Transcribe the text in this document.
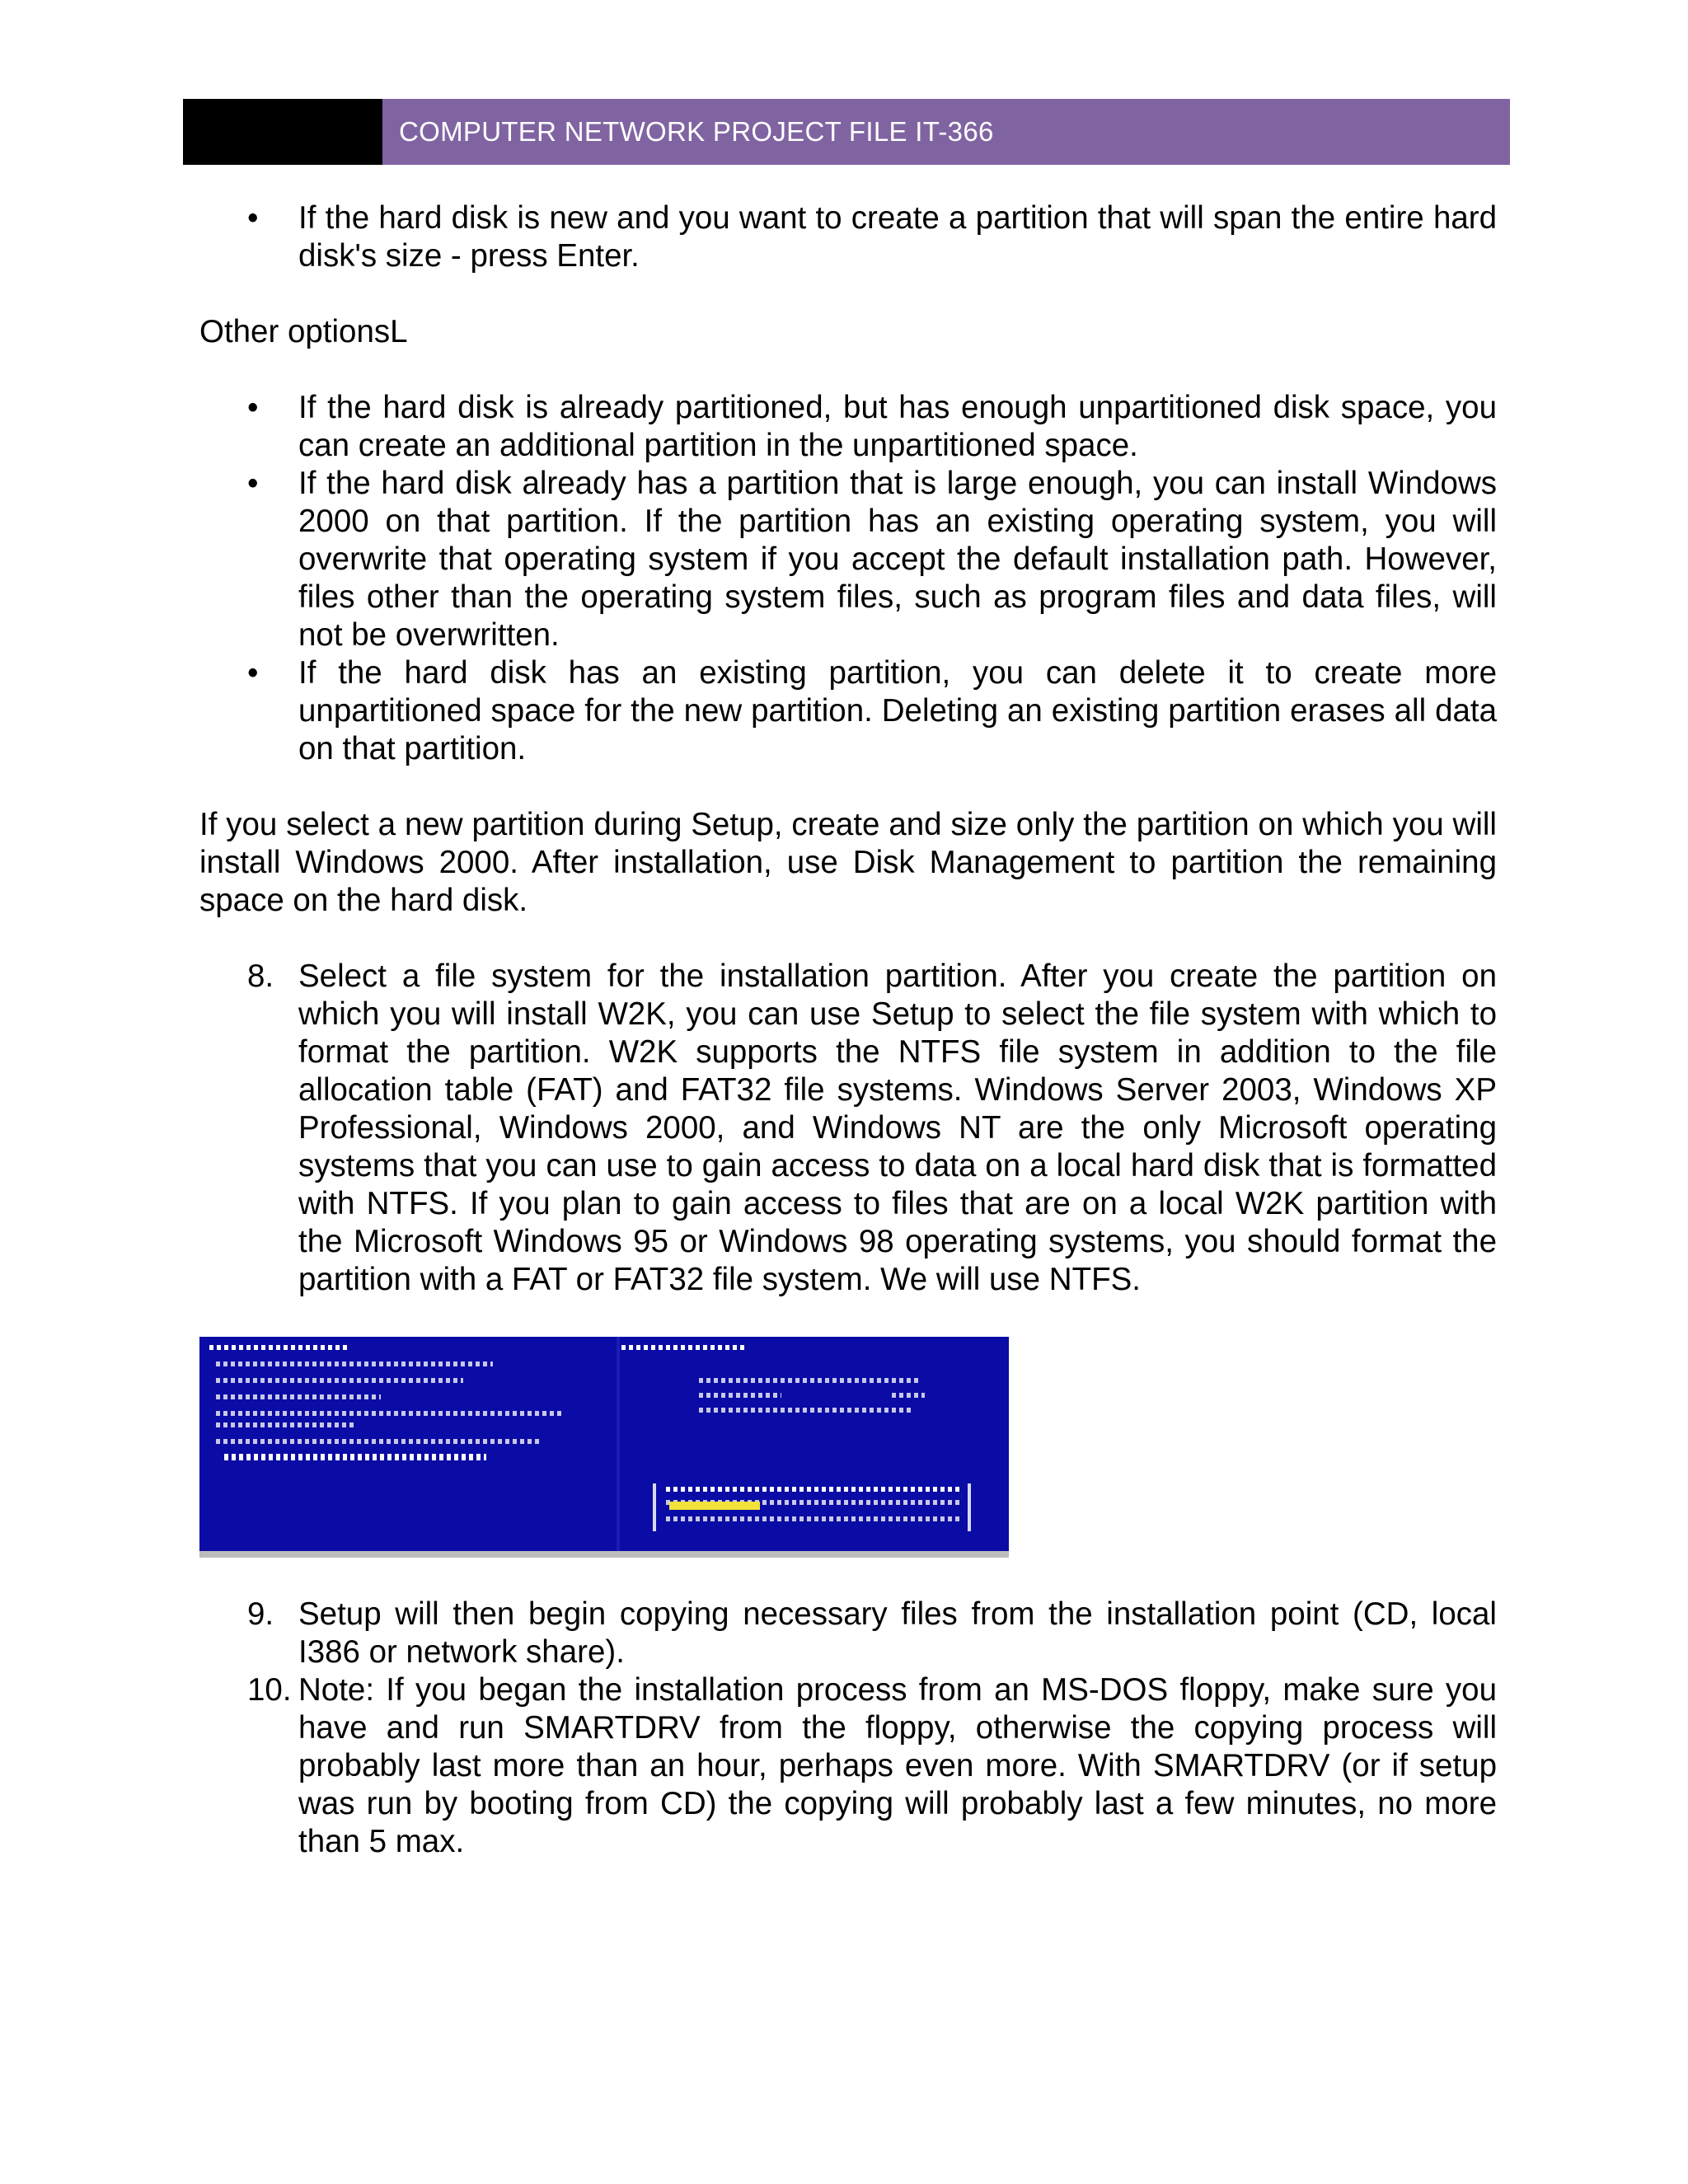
COMPUTER NETWORK PROJECT FILE IT-366
• If the hard disk is new and you want to create a partition that will span the entire hard disk's size - press Enter.

Other optionsL

• If the hard disk is already partitioned, but has enough unpartitioned disk space, you can create an additional partition in the unpartitioned space.
• If the hard disk already has a partition that is large enough, you can install Windows 2000 on that partition. If the partition has an existing operating system, you will overwrite that operating system if you accept the default installation path. However, files other than the operating system files, such as program files and data files, will not be overwritten.
• If the hard disk has an existing partition, you can delete it to create more unpartitioned space for the new partition. Deleting an existing partition erases all data on that partition.

If you select a new partition during Setup, create and size only the partition on which you will install Windows 2000. After installation, use Disk Management to partition the remaining space on the hard disk.

8. Select a file system for the installation partition. After you create the partition on which you will install W2K, you can use Setup to select the file system with which to format the partition. W2K supports the NTFS file system in addition to the file allocation table (FAT) and FAT32 file systems. Windows Server 2003, Windows XP Professional, Windows 2000, and Windows NT are the only Microsoft operating systems that you can use to gain access to data on a local hard disk that is formatted with NTFS. If you plan to gain access to files that are on a local W2K partition with the Microsoft Windows 95 or Windows 98 operating systems, you should format the partition with a FAT or FAT32 file system. We will use NTFS.
9. Setup will then begin copying necessary files from the installation point (CD, local I386 or network share).
10. Note: If you began the installation process from an MS-DOS floppy, make sure you have and run SMARTDRV from the floppy, otherwise the copying process will probably last more than an hour, perhaps even more. With SMARTDRV (or if setup was run by booting from CD) the copying will probably last a few minutes, no more than 5 max.
